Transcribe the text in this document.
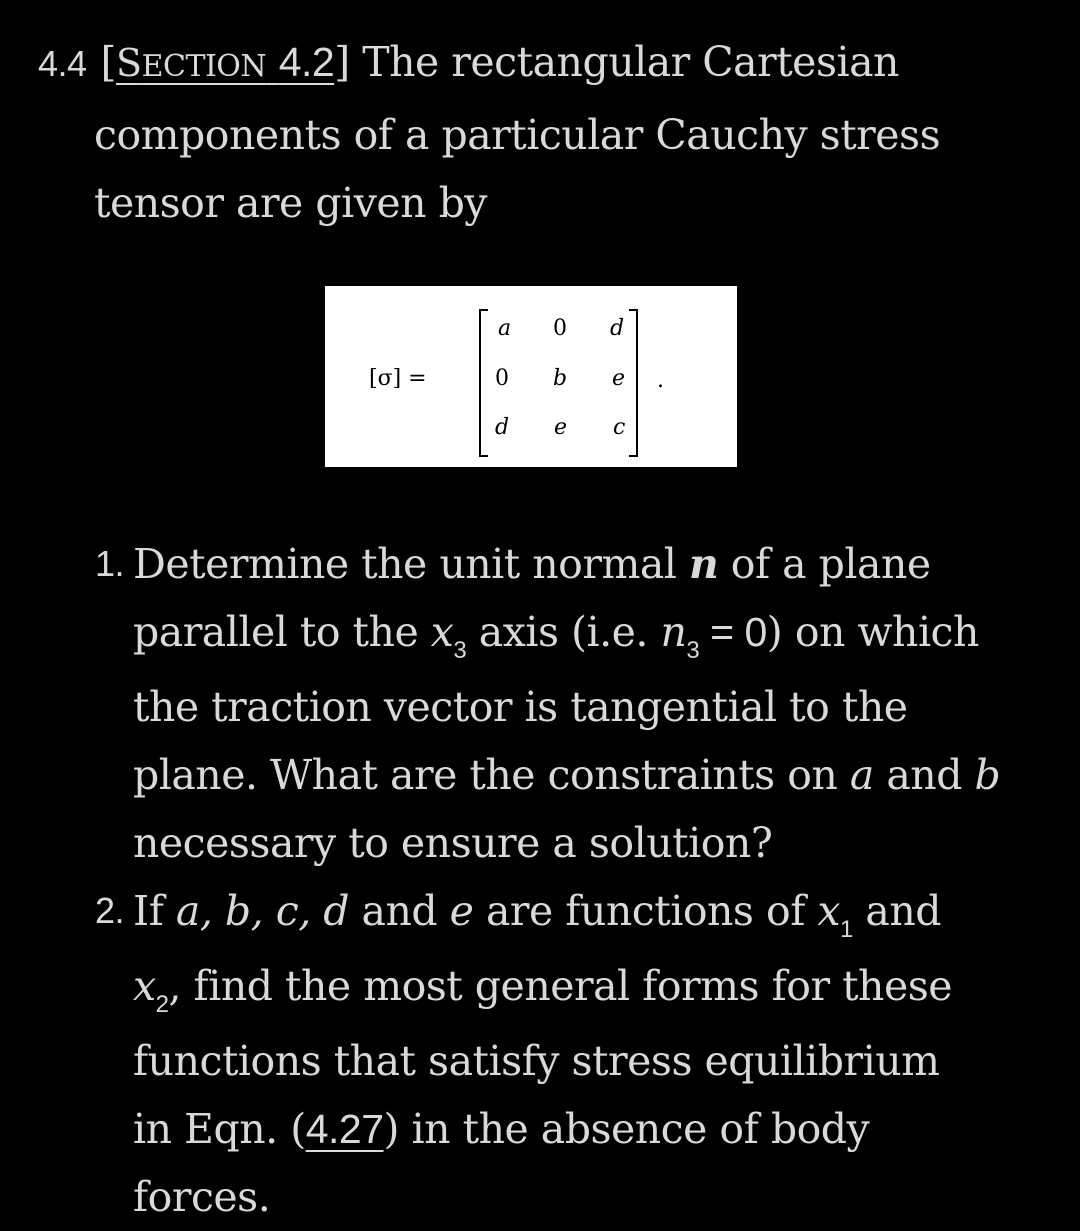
4.4 [SECTION 4.2] The rectangular Cartesian
components of a particular Cauchy stress
tensor are given by
[σ] =
a 0 d
0 b e
d e c
.
1. Determine the unit normal n of a plane
parallel to the $x_3$ axis (i.e. $n_3 = 0$) on which
the traction vector is tangential to the
plane. What are the constraints on a and b
necessary to ensure a solution?
2. If a, b, c, d and e are functions of $x_1$ and
$x_2$, find the most general forms for these
functions that satisfy stress equilibrium
in Eqn. (4.27) in the absence of body
forces.
